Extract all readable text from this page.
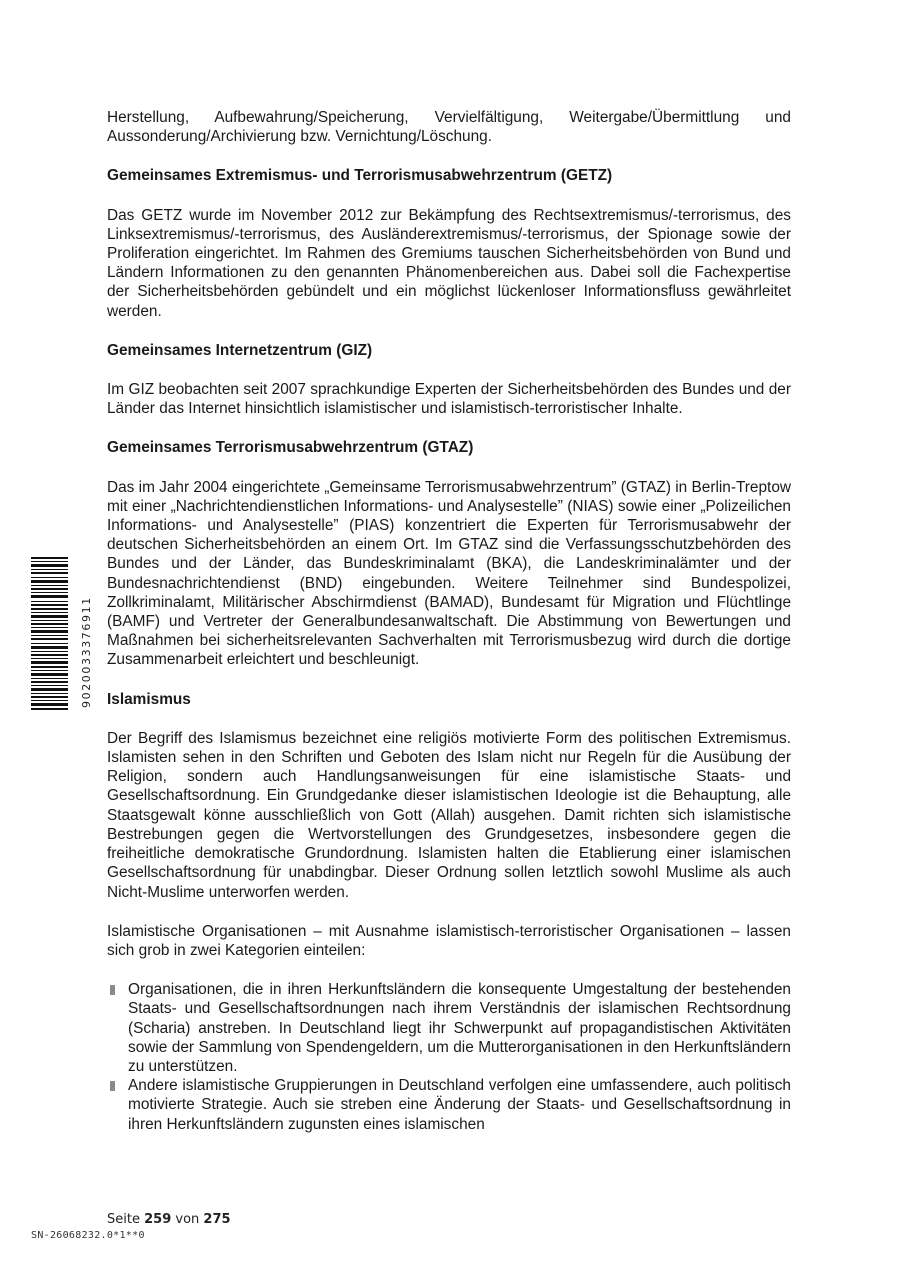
Herstellung, Aufbewahrung/Speicherung, Vervielfältigung, Weitergabe/Übermittlung und Aussonderung/Archivierung bzw. Vernichtung/Löschung.

Gemeinsames Extremismus- und Terrorismusabwehrzentrum (GETZ)

Das GETZ wurde im November 2012 zur Bekämpfung des Rechtsextremismus/-terrorismus, des Linksextremismus/-terrorismus, des Ausländerextremismus/-terrorismus, der Spionage sowie der Proliferation eingerichtet. Im Rahmen des Gremiums tauschen Sicherheitsbehörden von Bund und Ländern Informationen zu den genannten Phänomenbereichen aus. Dabei soll die Fachexpertise der Sicherheitsbehörden gebündelt und ein möglichst lückenloser Informationsfluss gewährleitet werden.

Gemeinsames Internetzentrum (GIZ)

Im GIZ beobachten seit 2007 sprachkundige Experten der Sicherheitsbehörden des Bundes und der Länder das Internet hinsichtlich islamistischer und islamistisch-terroristischer Inhalte.

Gemeinsames Terrorismusabwehrzentrum (GTAZ)

Das im Jahr 2004 eingerichtete „Gemeinsame Terrorismusabwehrzentrum” (GTAZ) in Berlin-Treptow mit einer „Nachrichtendienstlichen Informations- und Analysestelle” (NIAS) sowie einer „Polizeilichen Informations- und Analysestelle” (PIAS) konzentriert die Experten für Terrorismusabwehr der deutschen Sicherheitsbehörden an einem Ort. Im GTAZ sind die Verfassungsschutzbehörden des Bundes und der Länder, das Bundeskriminalamt (BKA), die Landeskriminalämter und der Bundesnachrichtendienst (BND) eingebunden. Weitere Teilnehmer sind Bundespolizei, Zollkriminalamt, Militärischer Abschirmdienst (BAMAD), Bundesamt für Migration und Flüchtlinge (BAMF) und Vertreter der Generalbundesanwaltschaft. Die Abstimmung von Bewertungen und Maßnahmen bei sicherheitsrelevanten Sachverhalten mit Terrorismusbezug wird durch die dortige Zusammenarbeit erleichtert und beschleunigt.

Islamismus

Der Begriff des Islamismus bezeichnet eine religiös motivierte Form des politischen Extremismus. Islamisten sehen in den Schriften und Geboten des Islam nicht nur Regeln für die Ausübung der Religion, sondern auch Handlungsanweisungen für eine islamistische Staats- und Gesellschaftsordnung. Ein Grundgedanke dieser islamistischen Ideologie ist die Behauptung, alle Staatsgewalt könne ausschließlich von Gott (Allah) ausgehen. Damit richten sich islamistische Bestrebungen gegen die Wertvorstellungen des Grundgesetzes, insbesondere gegen die freiheitliche demokratische Grundordnung. Islamisten halten die Etablierung einer islamischen Gesellschaftsordnung für unabdingbar. Dieser Ordnung sollen letztlich sowohl Muslime als auch Nicht-Muslime unterworfen werden.

Islamistische Organisationen – mit Ausnahme islamistisch-terroristischer Organisationen – lassen sich grob in zwei Kategorien einteilen:

Organisationen, die in ihren Herkunftsländern die konsequente Umgestaltung der bestehenden Staats- und Gesellschaftsordnungen nach ihrem Verständnis der islamischen Rechtsordnung (Scharia) anstreben. In Deutschland liegt ihr Schwerpunkt auf propagandistischen Aktivitäten sowie der Sammlung von Spendengeldern, um die Mutterorganisationen in den Herkunftsländern zu unterstützen.
Andere islamistische Gruppierungen in Deutschland verfolgen eine umfassendere, auch politisch motivierte Strategie. Auch sie streben eine Änderung der Staats- und Gesellschaftsordnung in ihren Herkunftsländern zugunsten eines islamischen
9020033376911
Seite 259 von 275
SN-26068232.0*1**0
